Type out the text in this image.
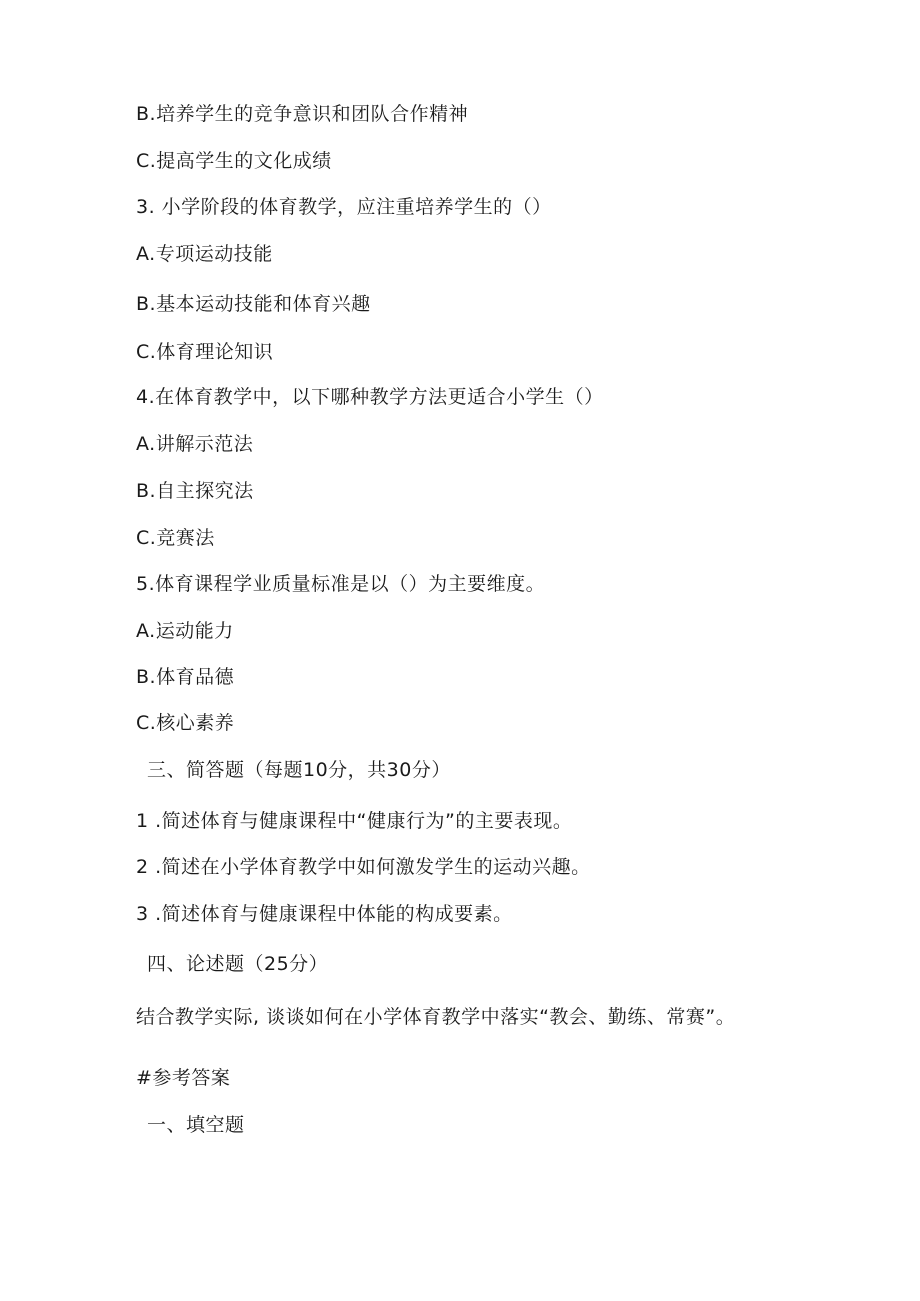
B.培养学生的竞争意识和团队合作精神
C.提高学生的文化成绩
3. 小学阶段的体育教学，应注重培养学生的（）
A.专项运动技能
B.基本运动技能和体育兴趣
C.体育理论知识
4.在体育教学中，以下哪种教学方法更适合小学生（）
A.讲解示范法
B.自主探究法
C.竞赛法
5.体育课程学业质量标准是以（）为主要维度。
A.运动能力
B.体育品德
C.核心素养
三、简答题（每题10分，共30分）
1 .简述体育与健康课程中“健康行为”的主要表现。
2 .简述在小学体育教学中如何激发学生的运动兴趣。
3 .简述体育与健康课程中体能的构成要素。
四、论述题（25分）
结合教学实际, 谈谈如何在小学体育教学中落实“教会、勤练、常赛”。
#参考答案
一、填空题
